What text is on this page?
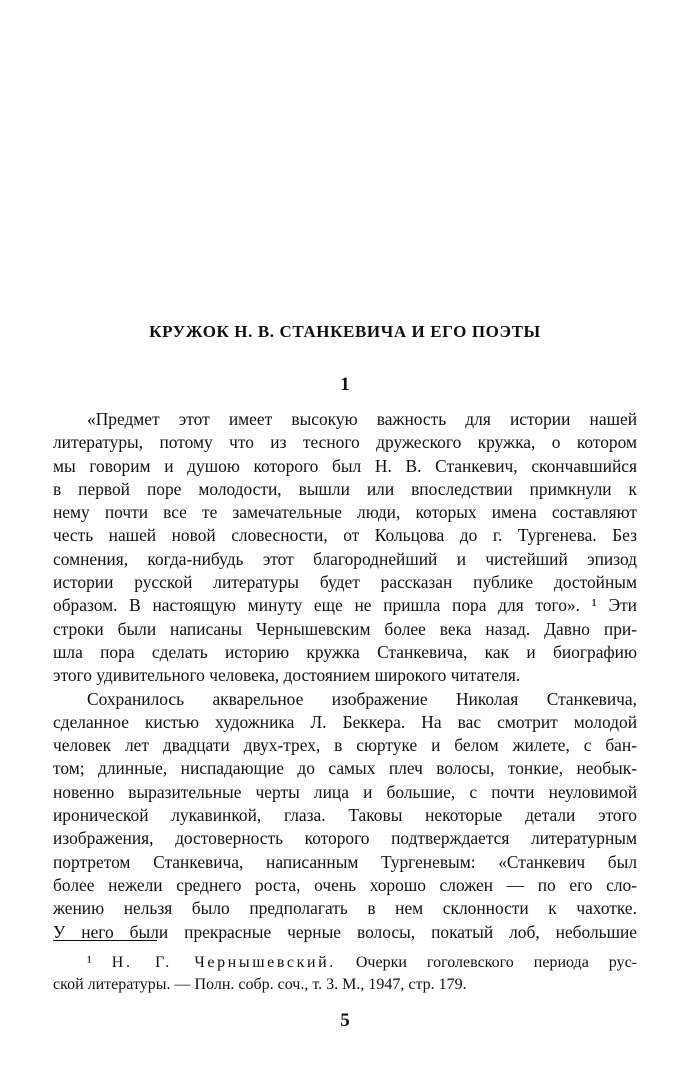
КРУЖОК Н. В. СТАНКЕВИЧА И ЕГО ПОЭТЫ
1
«Предмет этот имеет высокую важность для истории нашей
литературы, потому что из тесного дружеского кружка, о котором
мы говорим и душою которого был Н. В. Станкевич, скончавшийся
в первой поре молодости, вышли или впоследствии примкнули к
нему почти все те замечательные люди, которых имена составляют
честь нашей новой словесности, от Кольцова до г. Тургенева. Без
сомнения, когда-нибудь этот благороднейший и чистейший эпизод
истории русской литературы будет рассказан публике достойным
образом. В настоящую минуту еще не пришла пора для того». ¹ Эти
строки были написаны Чернышевским более века назад. Давно при-
шла пора сделать историю кружка Станкевича, как и биографию
этого удивительного человека, достоянием широкого читателя.
Сохранилось акварельное изображение Николая Станкевича,
сделанное кистью художника Л. Беккера. На вас смотрит молодой
человек лет двадцати двух-трех, в сюртуке и белом жилете, с бан-
том; длинные, ниспадающие до самых плеч волосы, тонкие, необык-
новенно выразительные черты лица и большие, с почти неуловимой
иронической лукавинкой, глаза. Таковы некоторые детали этого
изображения, достоверность которого подтверждается литературным
портретом Станкевича, написанным Тургеневым: «Станкевич был
более нежели среднего роста, очень хорошо сложен — по его сло-
жению нельзя было предполагать в нем склонности к чахотке.
У него были прекрасные черные волосы, покатый лоб, небольшие
¹ Н. Г. Чернышевский. Очерки гоголевского периода рус-
ской литературы. — Полн. собр. соч., т. 3. М., 1947, стр. 179.
5
